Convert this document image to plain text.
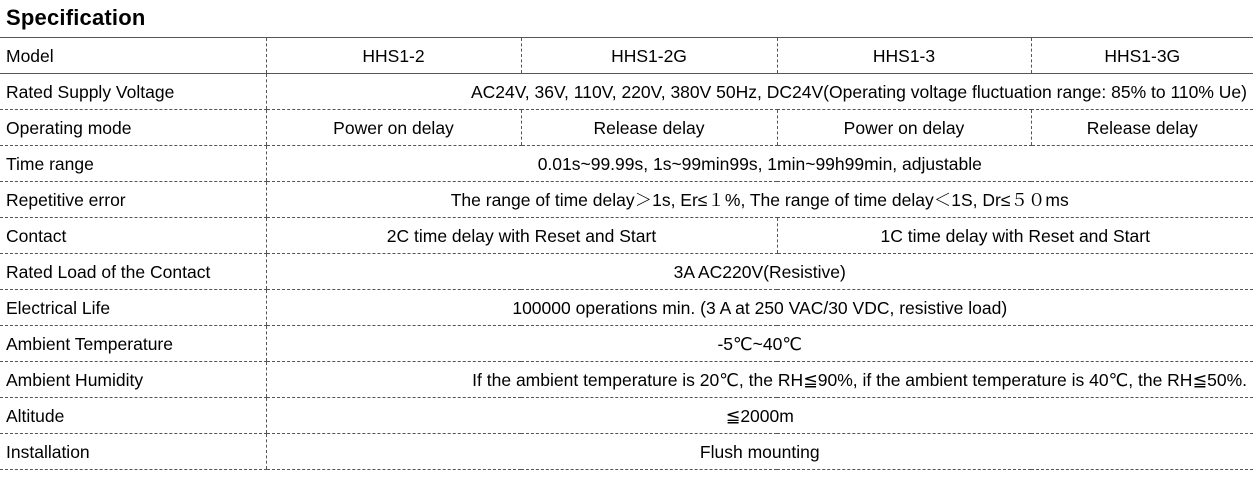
Specification
Model	HHS1-2	HHS1-2G	HHS1-3	HHS1-3G
Rated Supply Voltage	AC24V, 36V, 110V, 220V, 380V 50Hz, DC24V(Operating voltage fluctuation range: 85% to 110% Ue)			
Operating mode	Power on delay	Release delay	Power on delay	Release delay
Time range	0.01s~99.99s, 1s~99min99s, 1min~99h99min, adjustable			
Repetitive error	The range of time delay＞1s, Er≤１%, The range of time delay＜1S, Dr≤５０ms			
Contact	2C time delay with Reset and Start		1C time delay with Reset and Start	
Rated Load of the Contact	3A AC220V(Resistive)			
Electrical Life	100000 operations min. (3 A at 250 VAC/30 VDC, resistive load)			
Ambient Temperature	-5℃~40℃			
Ambient Humidity	If the ambient temperature is 20℃, the RH≦90%, if the ambient temperature is 40℃, the RH≦50%.			
Altitude	≦2000m			
Installation	Flush mounting			
